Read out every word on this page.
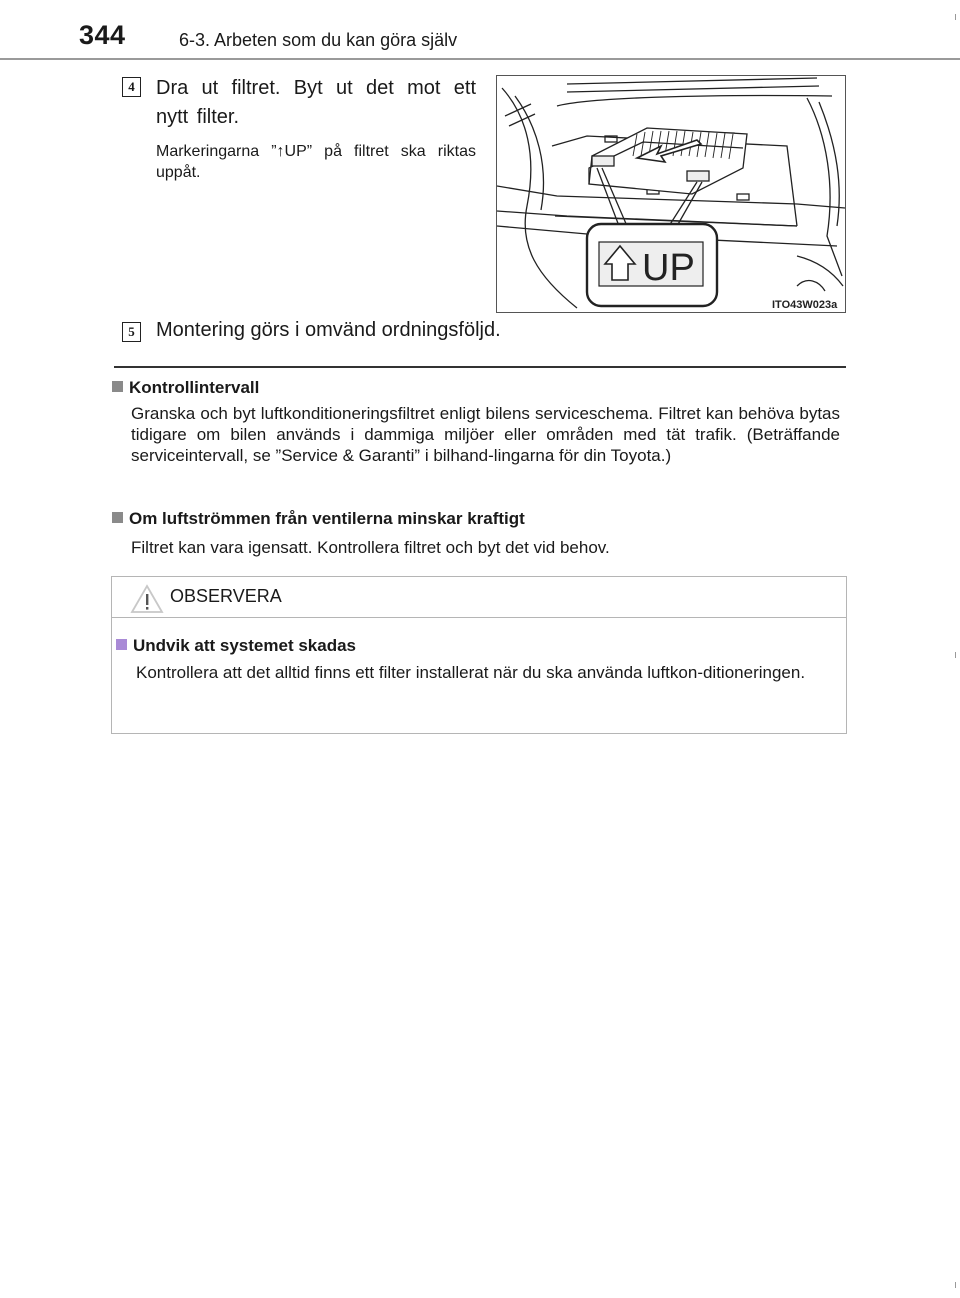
344	6-3. Arbeten som du kan göra själv
4	Dra ut filtret. Byt ut det mot ett nytt filter.
Markeringarna ”↑UP” på filtret ska riktas uppåt.
UP
ITO43W023a
5	Montering görs i omvänd ordningsföljd.
Kontrollintervall
Granska och byt luftkonditioneringsfiltret enligt bilens serviceschema. Filtret kan behöva bytas tidigare om bilen används i dammiga miljöer eller områden med tät trafik. (Beträffande serviceintervall, se ”Service & Garanti” i bilhand-lingarna för din Toyota.)
Om luftströmmen från ventilerna minskar kraftigt
Filtret kan vara igensatt. Kontrollera filtret och byt det vid behov.
OBSERVERA
Undvik att systemet skadas
Kontrollera att det alltid finns ett filter installerat när du ska använda luftkon-ditioneringen.
